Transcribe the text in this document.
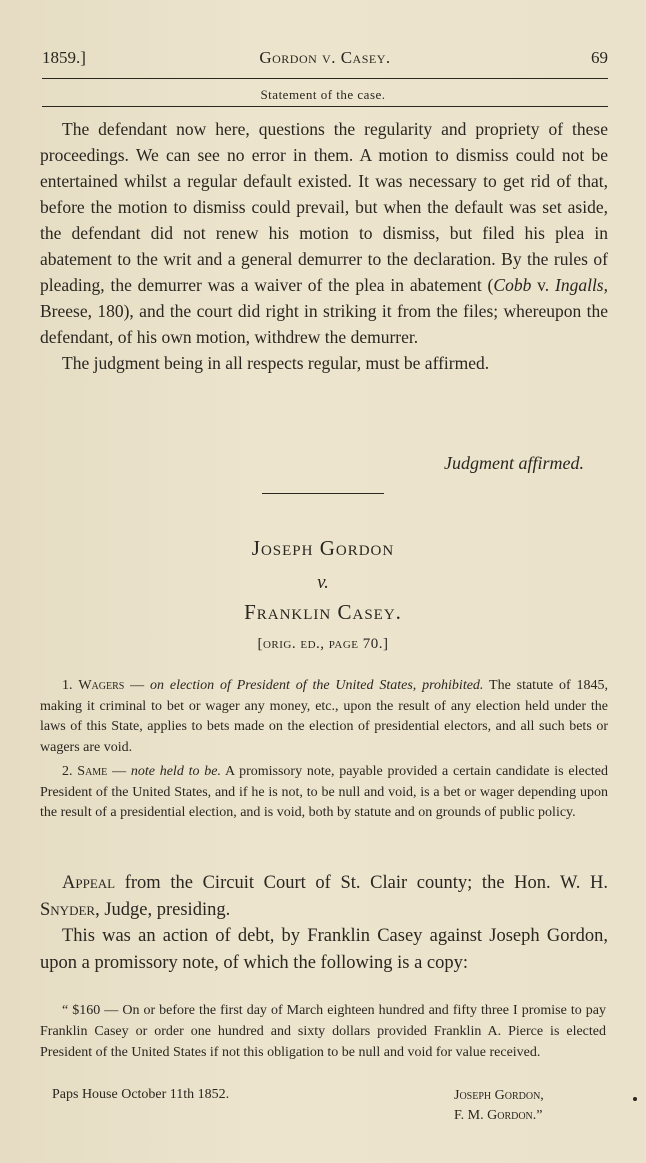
1859.]	Gordon v. Casey.	69
Statement of the case.

The defendant now here, questions the regularity and propriety of these proceedings. We can see no error in them. A motion to dismiss could not be entertained whilst a regular default existed. It was necessary to get rid of that, before the motion to dismiss could prevail, but when the default was set aside, the defendant did not renew his motion to dismiss, but filed his plea in abatement to the writ and a general demurrer to the declaration. By the rules of pleading, the demurrer was a waiver of the plea in abatement (Cobb v. Ingalls, Breese, 180), and the court did right in striking it from the files; whereupon the defendant, of his own motion, withdrew the demurrer.

The judgment being in all respects regular, must be affirmed.

Judgment affirmed.
Joseph Gordon
v.
Franklin Casey.
[orig. ed., page 70.]

1. Wagers — on election of President of the United States, prohibited. The statute of 1845, making it criminal to bet or wager any money, etc., upon the result of any election held under the laws of this State, applies to bets made on the election of presidential electors, and all such bets or wagers are void.

2. Same — note held to be. A promissory note, payable provided a certain candidate is elected President of the United States, and if he is not, to be null and void, is a bet or wager depending upon the result of a presidential election, and is void, both by statute and on grounds of public policy.

Appeal from the Circuit Court of St. Clair county; the Hon. W. H. Snyder, Judge, presiding.

This was an action of debt, by Franklin Casey against Joseph Gordon, upon a promissory note, of which the following is a copy:

“ $160 — On or before the first day of March eighteen hundred and fifty three I promise to pay Franklin Casey or order one hundred and sixty dollars provided Franklin A. Pierce is elected President of the United States if not this obligation to be null and void for value received.

Paps House October 11th 1852.	Joseph Gordon,
F. M. Gordon.”
